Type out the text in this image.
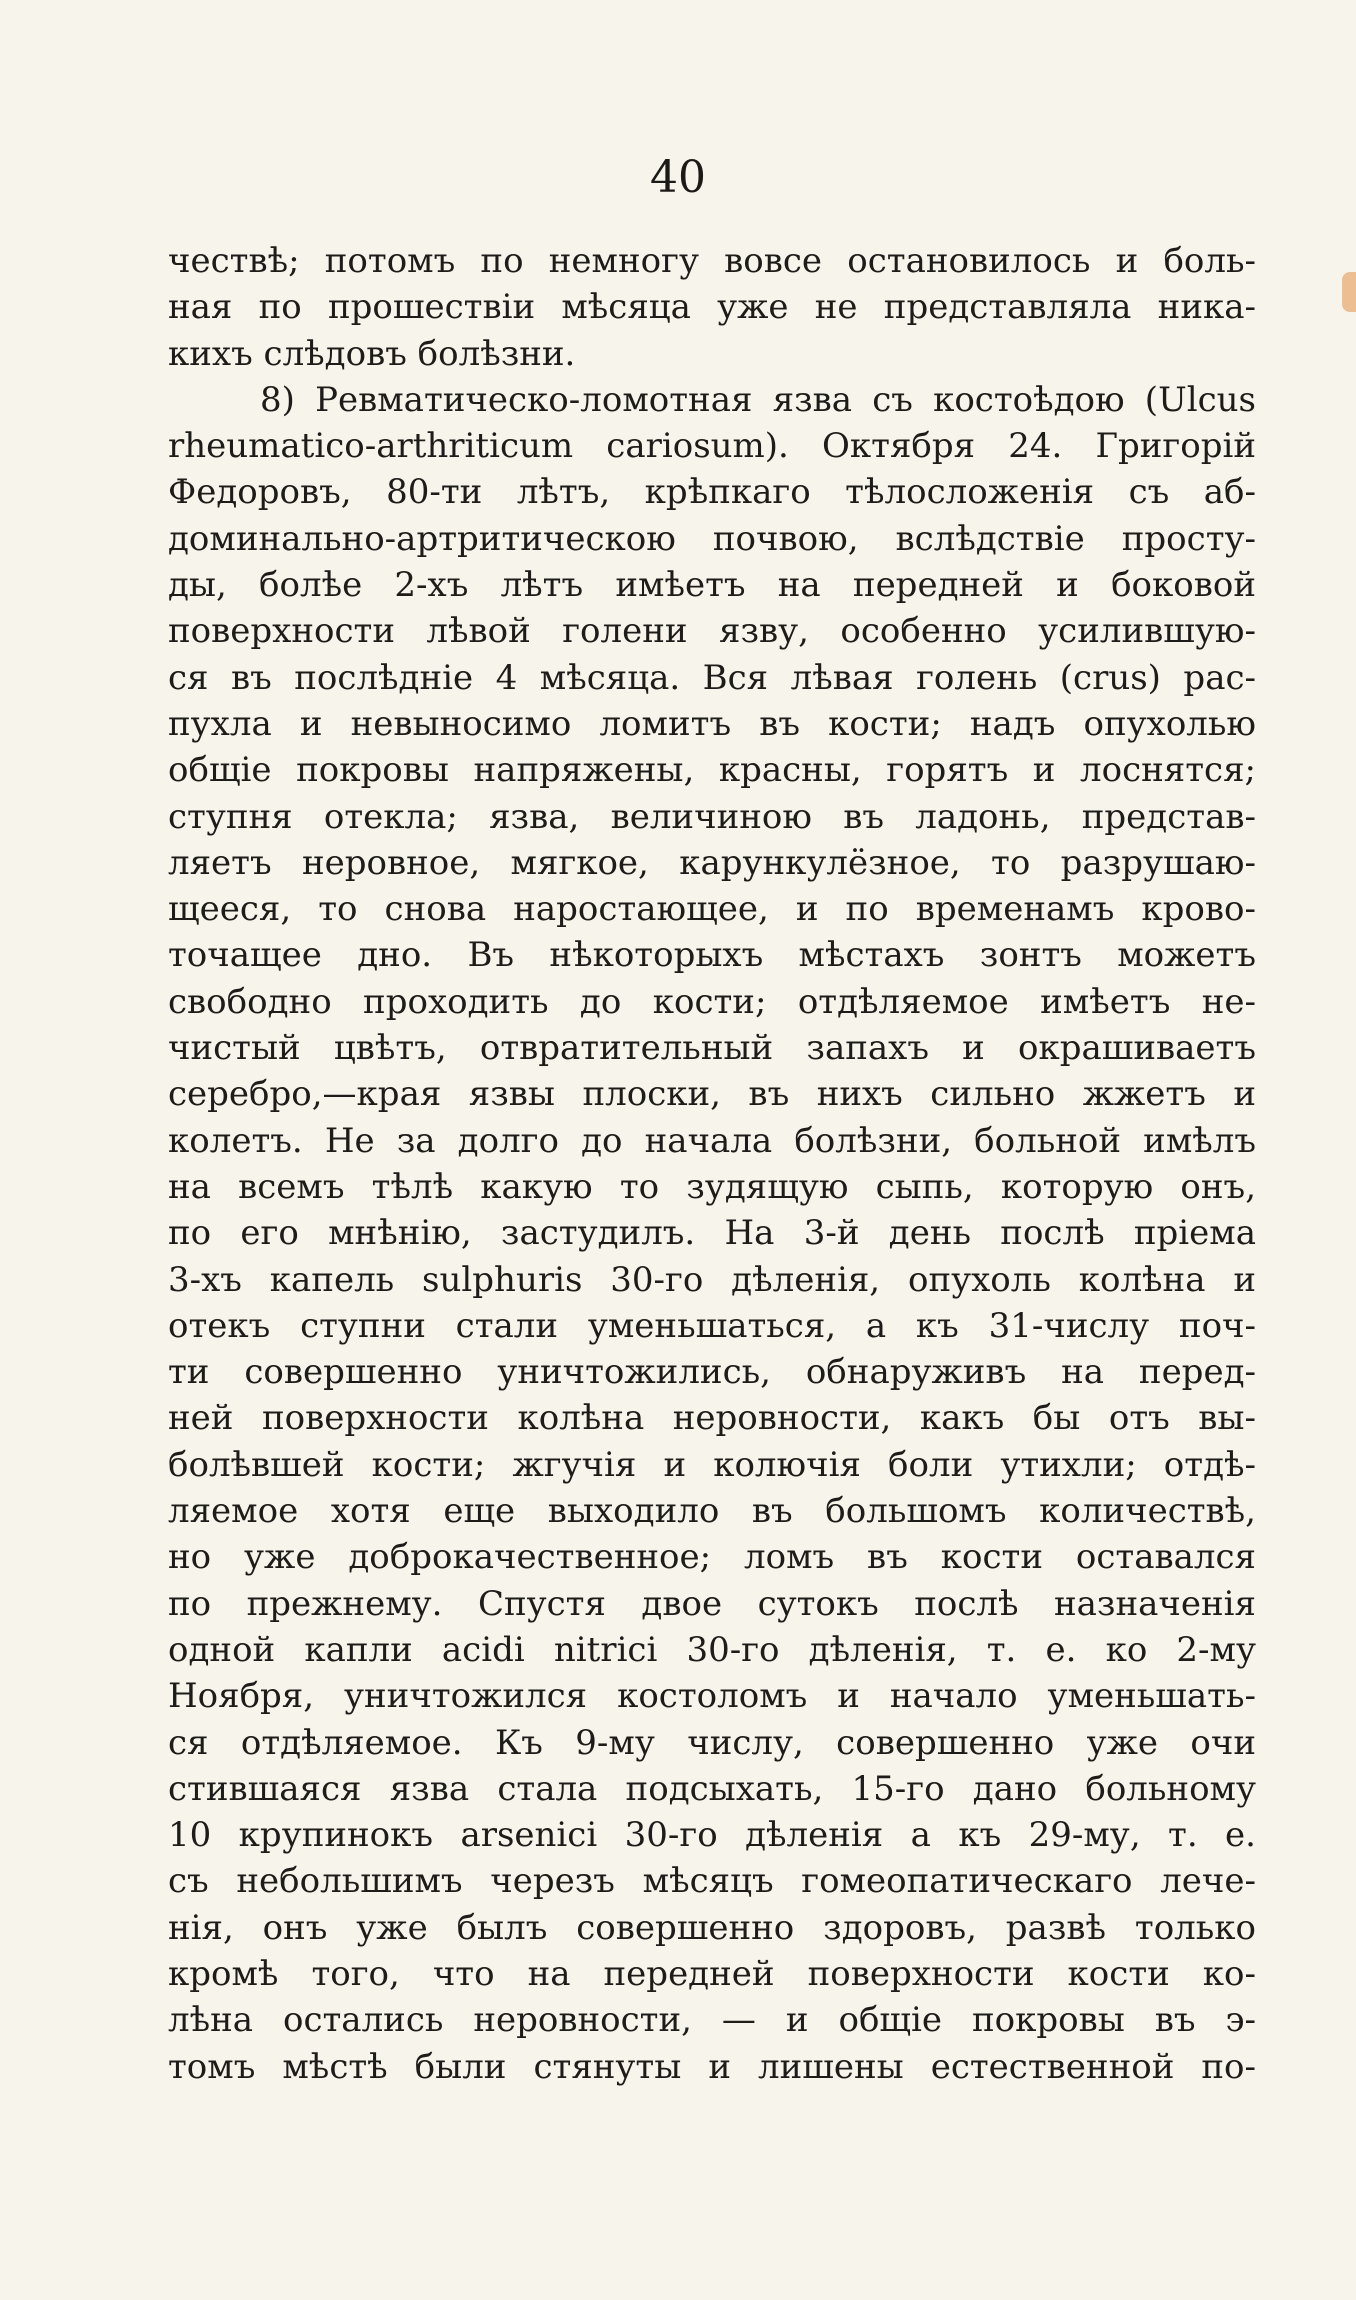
40
чествѣ; потомъ по немногу вовсе остановилось и боль-
ная по прошествіи мѣсяца уже не представляла никa-
кихъ слѣдовъ болѣзни.
8) Ревматическо-ломотная язва съ костоѣдою (Ulcus
rheumatico-arthriticum cariosum). Октября 24. Григорій
Федоровъ, 80-ти лѣтъ, крѣпкаго тѣлосложенія съ аб-
доминально-артритическою почвою, вслѣдствіе просту-
ды, болѣе 2-хъ лѣтъ имѣетъ на передней и боковой
поверхности лѣвой голени язву, особенно усилившую-
ся въ послѣдніе 4 мѣсяца. Вся лѣвая голень (crus) рас-
пухла и невыносимо ломитъ въ кости; надъ опухолью
общіе покровы напряжены, красны, горятъ и лоснятся;
ступня отекла; язва, величиною въ ладонь, представ-
ляетъ неровное, мягкое, карункулёзное, то разрушаю-
щееся, то снова наростающее, и по временамъ крово-
точащее дно. Въ нѣкоторыхъ мѣстахъ зонтъ можетъ
свободно проходить до кости; отдѣляемое имѣетъ не-
чистый цвѣтъ, отвратительный запахъ и окрашиваетъ
серебро,—края язвы плоски, въ нихъ сильно жжетъ и
колетъ. Не за долго до начала болѣзни, больной имѣлъ
на всемъ тѣлѣ какую то зудящую сыпь, которую онъ,
по его мнѣнію, застудилъ. На 3-й день послѣ пріема
3-хъ капель sulphuris 30-го дѣленія, опухоль колѣна и
отекъ ступни стали уменьшаться, а къ 31-числу поч-
ти совершенно уничтожились, обнаруживъ на перед-
ней поверхности колѣна неровности, какъ бы отъ вы-
болѣвшей кости; жгучія и колючія боли утихли; отдѣ-
ляемое хотя еще выходило въ большомъ количествѣ,
но уже доброкачественное; ломъ въ кости оставался
по прежнему. Спустя двое сутокъ послѣ назначенія
одной капли acidi nitrici 30-го дѣленія, т. е. ко 2-му
Ноября, уничтожился костоломъ и начало уменьшать-
ся отдѣляемое. Къ 9-му числу, совершенно уже очи
стившаяся язва стала подсыхать, 15-го дано больному
10 крупинокъ arsenici 30-го дѣленія а къ 29-му, т. е.
съ небольшимъ черезъ мѣсяцъ гомеопатическаго лече-
нія, онъ уже былъ совершенно здоровъ, развѣ только
кромѣ того, что на передней поверхности кости ко-
лѣна остались неровности, — и общіе покровы въ э-
томъ мѣстѣ были стянуты и лишены естественной по-
